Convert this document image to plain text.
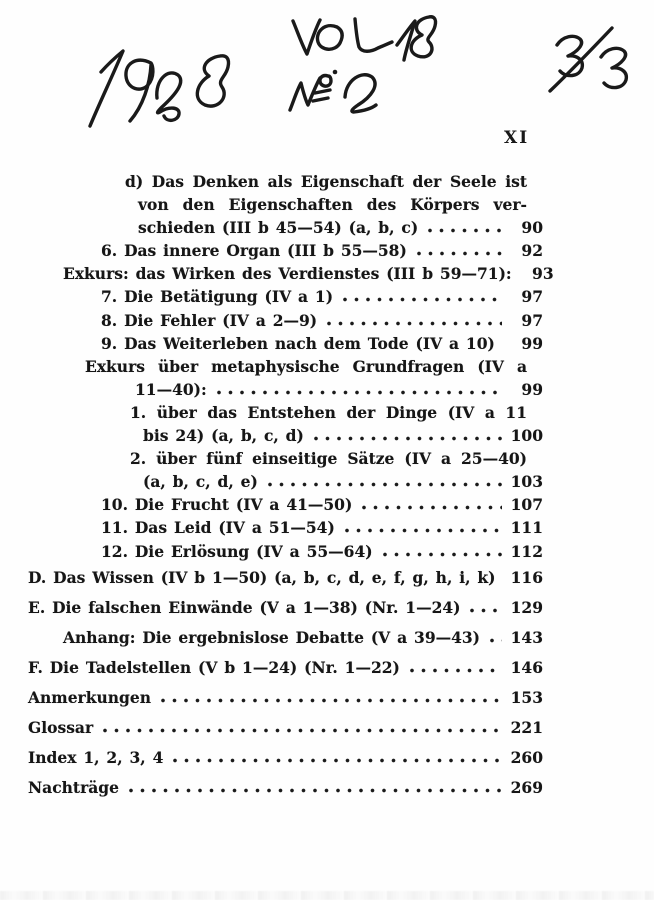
XI
d) Das Denken als Eigenschaft der Seele ist
von den Eigenschaften des Körpers ver-
schieden (III b 45—54) (a, b, c)	90
6. Das innere Organ (III b 55—58)	92
Exkurs: das Wirken des Verdienstes (III b 59—71):	93
7. Die Betätigung (IV a 1)	97
8. Die Fehler (IV a 2—9)	97
9. Das Weiterleben nach dem Tode (IV a 10)	99
Exkurs über metaphysische Grundfragen (IV a
11—40):	99
1. über das Entstehen der Dinge (IV a 11
bis 24) (a, b, c, d)	100
2. über fünf einseitige Sätze (IV a 25—40)
(a, b, c, d, e)	103
10. Die Frucht (IV a 41—50)	107
11. Das Leid (IV a 51—54)	111
12. Die Erlösung (IV a 55—64)	112
D. Das Wissen (IV b 1—50) (a, b, c, d, e, f, g, h, i, k) 116
E. Die falschen Einwände (V a 1—38) (Nr. 1—24)	129
Anhang: Die ergebnislose Debatte (V a 39—43) 143
F. Die Tadelstellen (V b 1—24) (Nr. 1—22)	146
Anmerkungen	153
Glossar	221
Index 1, 2, 3, 4	260
Nachträge	269
